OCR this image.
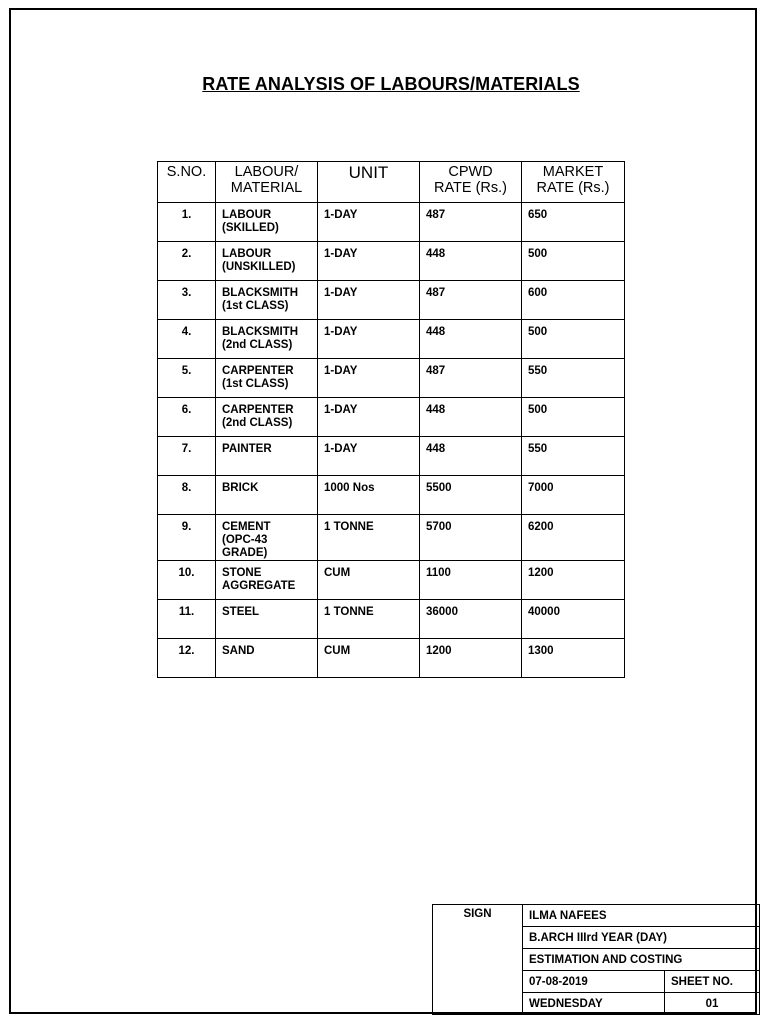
RATE ANALYSIS OF LABOURS/MATERIALS
S.NO.	LABOUR/
MATERIAL	UNIT	CPWD
RATE (Rs.)	MARKET
RATE (Rs.)
1.	LABOUR
(SKILLED)	1-DAY	487	650
2.	LABOUR
(UNSKILLED)	1-DAY	448	500
3.	BLACKSMITH
(1st CLASS)	1-DAY	487	600
4.	BLACKSMITH
(2nd CLASS)	1-DAY	448	500
5.	CARPENTER
(1st CLASS)	1-DAY	487	550
6.	CARPENTER
(2nd CLASS)	1-DAY	448	500
7.	PAINTER	1-DAY	448	550
8.	BRICK	1000 Nos	5500	7000
9.	CEMENT
(OPC-43
GRADE)	1 TONNE	5700	6200
10.	STONE
AGGREGATE	CUM	1100	1200
11.	STEEL	1 TONNE	36000	40000
12.	SAND	CUM	1200	1300
SIGN	ILMA NAFEES	
	B.ARCH IIIrd YEAR (DAY)	
	ESTIMATION AND COSTING	
	07-08-2019	SHEET NO.
	WEDNESDAY	01
